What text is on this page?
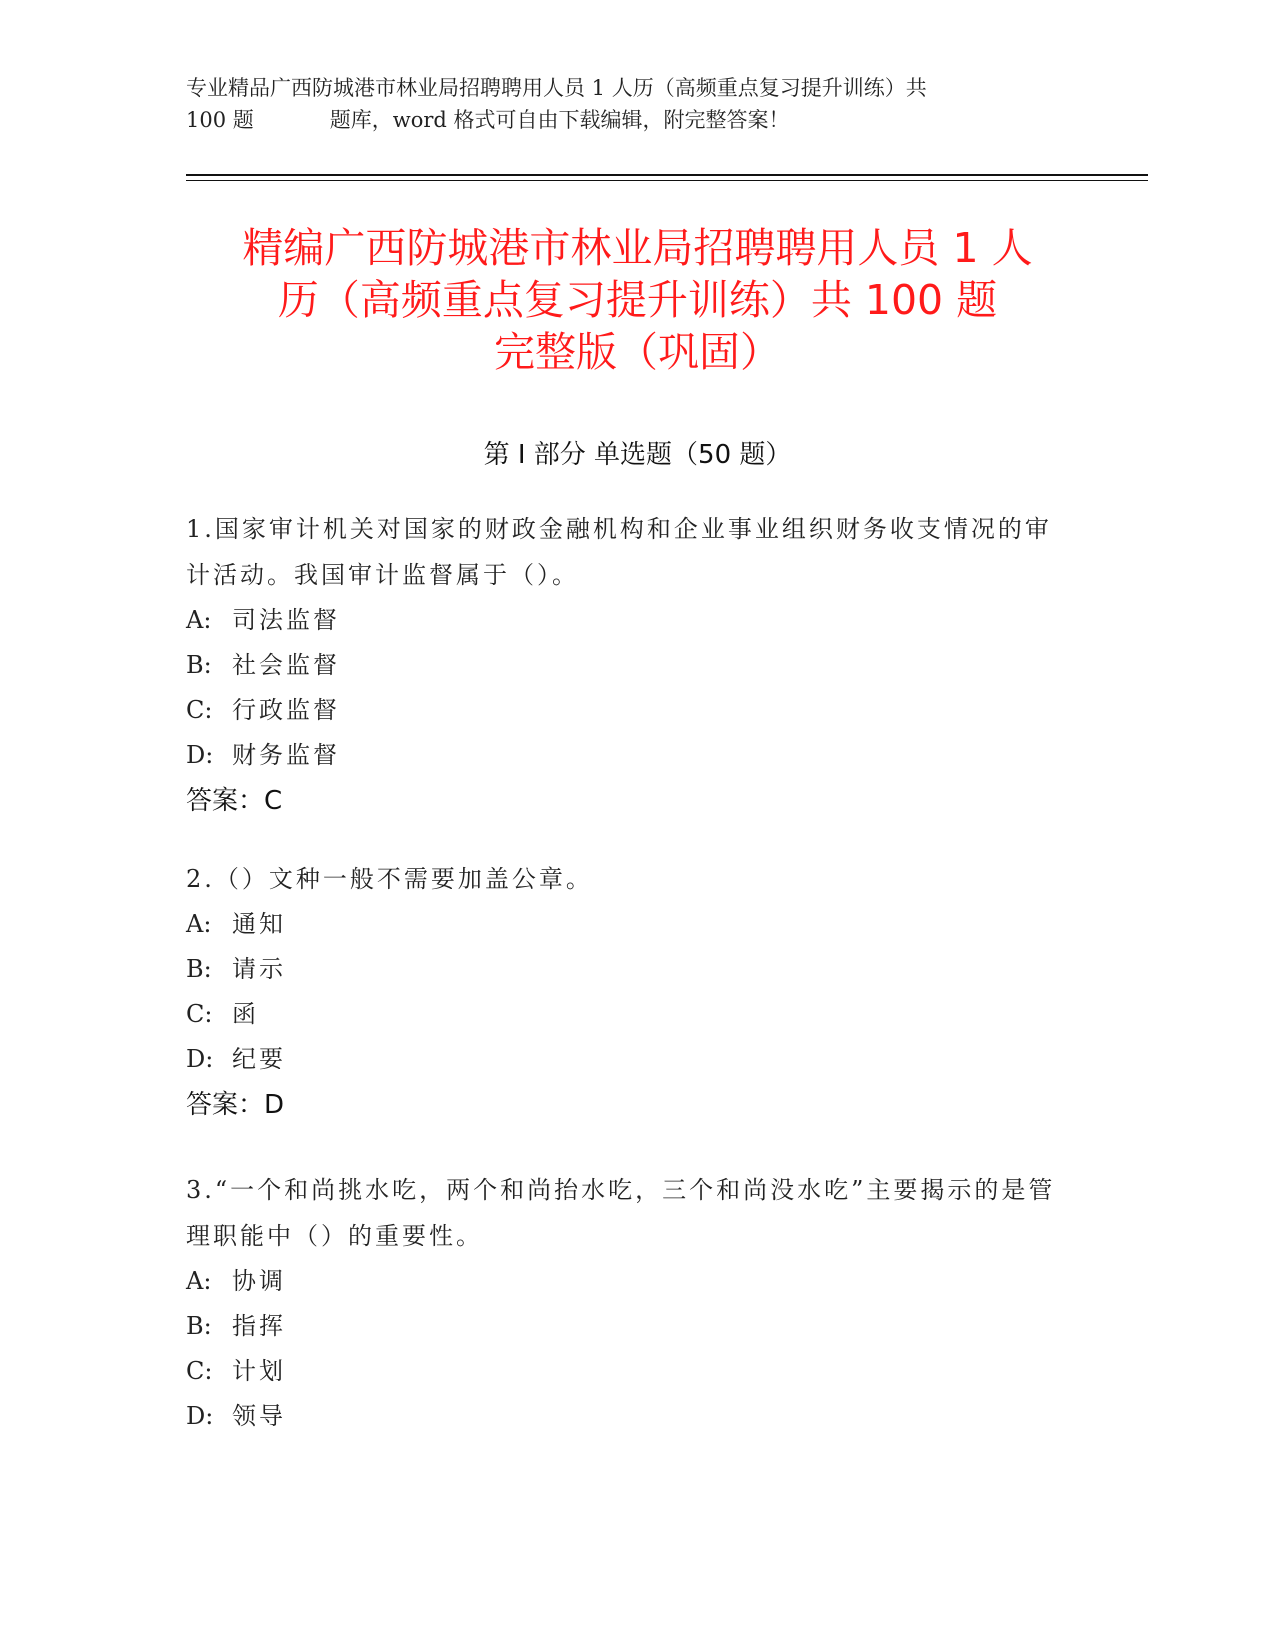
专业精品广西防城港市林业局招聘聘用人员 1 人历（高频重点复习提升训练）共
100 题	题库，word 格式可自由下载编辑，附完整答案！
精编广西防城港市林业局招聘聘用人员 1 人
历（高频重点复习提升训练）共 100 题
完整版（巩固）
第 I 部分 单选题（50 题）
1.国家审计机关对国家的财政金融机构和企业事业组织财务收支情况的审计活动。我国审计监督属于（）。
A: 司法监督
B: 社会监督
C: 行政监督
D: 财务监督
答案：C
2.（）文种一般不需要加盖公章。
A: 通知
B: 请示
C: 函
D: 纪要
答案：D
3.“一个和尚挑水吃，两个和尚抬水吃，三个和尚没水吃”主要揭示的是管理职能中（）的重要性。
A: 协调
B: 指挥
C: 计划
D: 领导
